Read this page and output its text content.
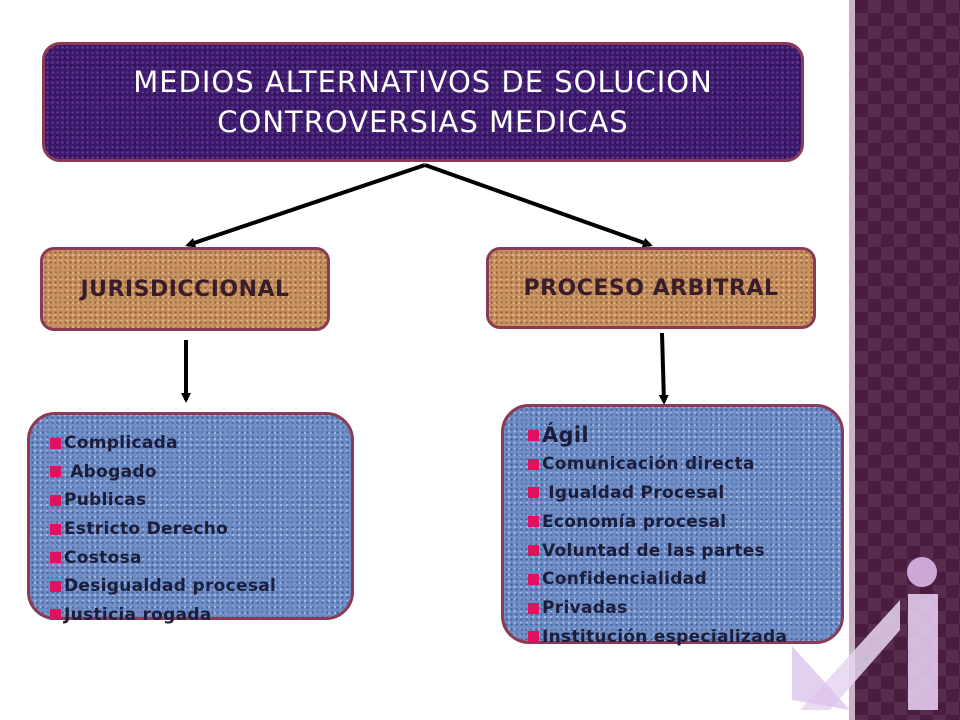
MEDIOS ALTERNATIVOS DE SOLUCION
CONTROVERSIAS MEDICAS
JURISDICCIONAL	PROCESO ARBITRAL
Complicada
Abogado
Publicas
Estricto Derecho
Costosa
Desigualdad procesal
Justicia rogada
Ágil
Comunicación directa
Igualdad Procesal
Economía procesal
Voluntad de las partes
Confidencialidad
Privadas
Institución especializada
